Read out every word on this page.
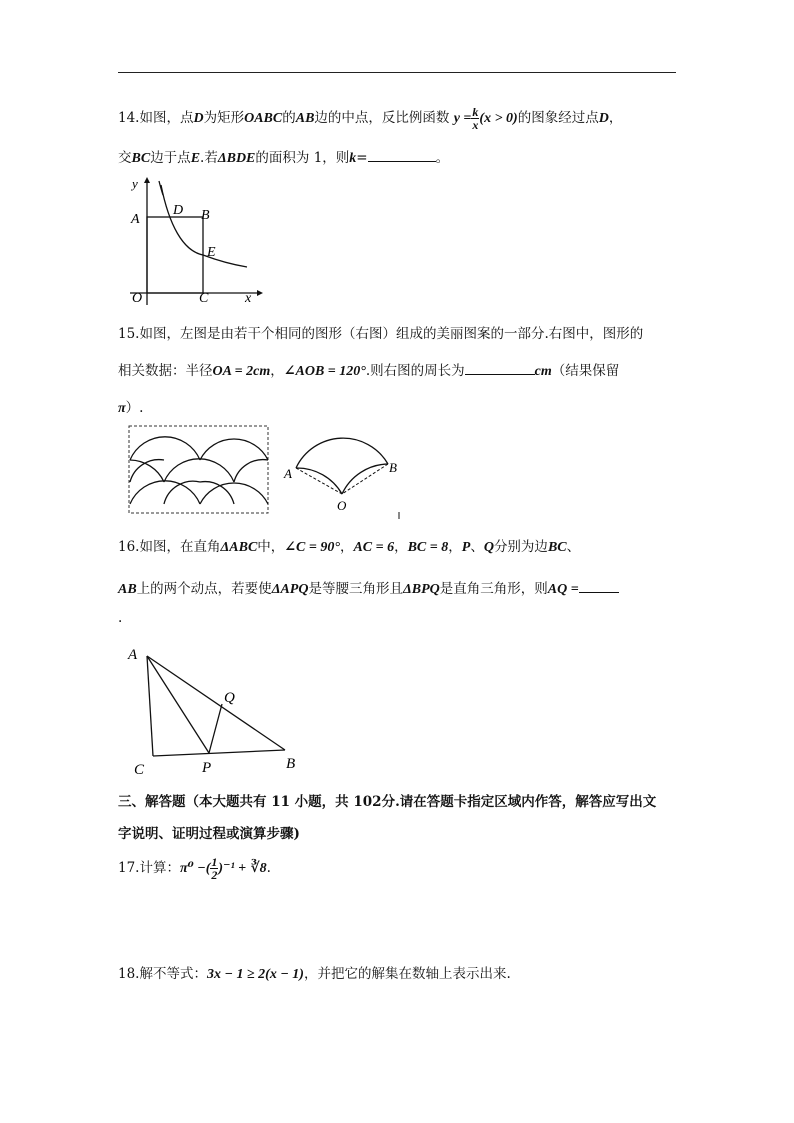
14.如图，点D为矩形OABC的AB边的中点，反比例函数 $y = \frac{k}{x} (x > 0)$的图象经过点D，
交BC边于点E.若ΔBDE的面积为 1，则k=	。
y
x
A
D B
E
O	C
15.如图，左图是由若干个相同的图形（右图）组成的美丽图案的一部分.右图中，图形的
相关数据：半径OA = 2cm，∠AOB = 120°.则右图的周长为	cm（结果保留
π）.
A	B
O
16.如图，在直角ΔABC中，∠C = 90°，AC = 6，BC = 8，P、Q分别为边BC、
AB上的两个动点，若要使ΔAPQ是等腰三角形且ΔBPQ是直角三角形，则AQ =
.
A
Q
C	P	B
三、解答题（本大题共有 11 小题，共 102分.请在答题卡指定区域内作答，解答应写出文
字说明、证明过程或演算步骤)
17.计算：π⁰ −( $\frac{1}{2} )^{-1}$ + ∛8.
18.解不等式：3x − 1 ≥ 2(x − 1)，并把它的解集在数轴上表示出来.
